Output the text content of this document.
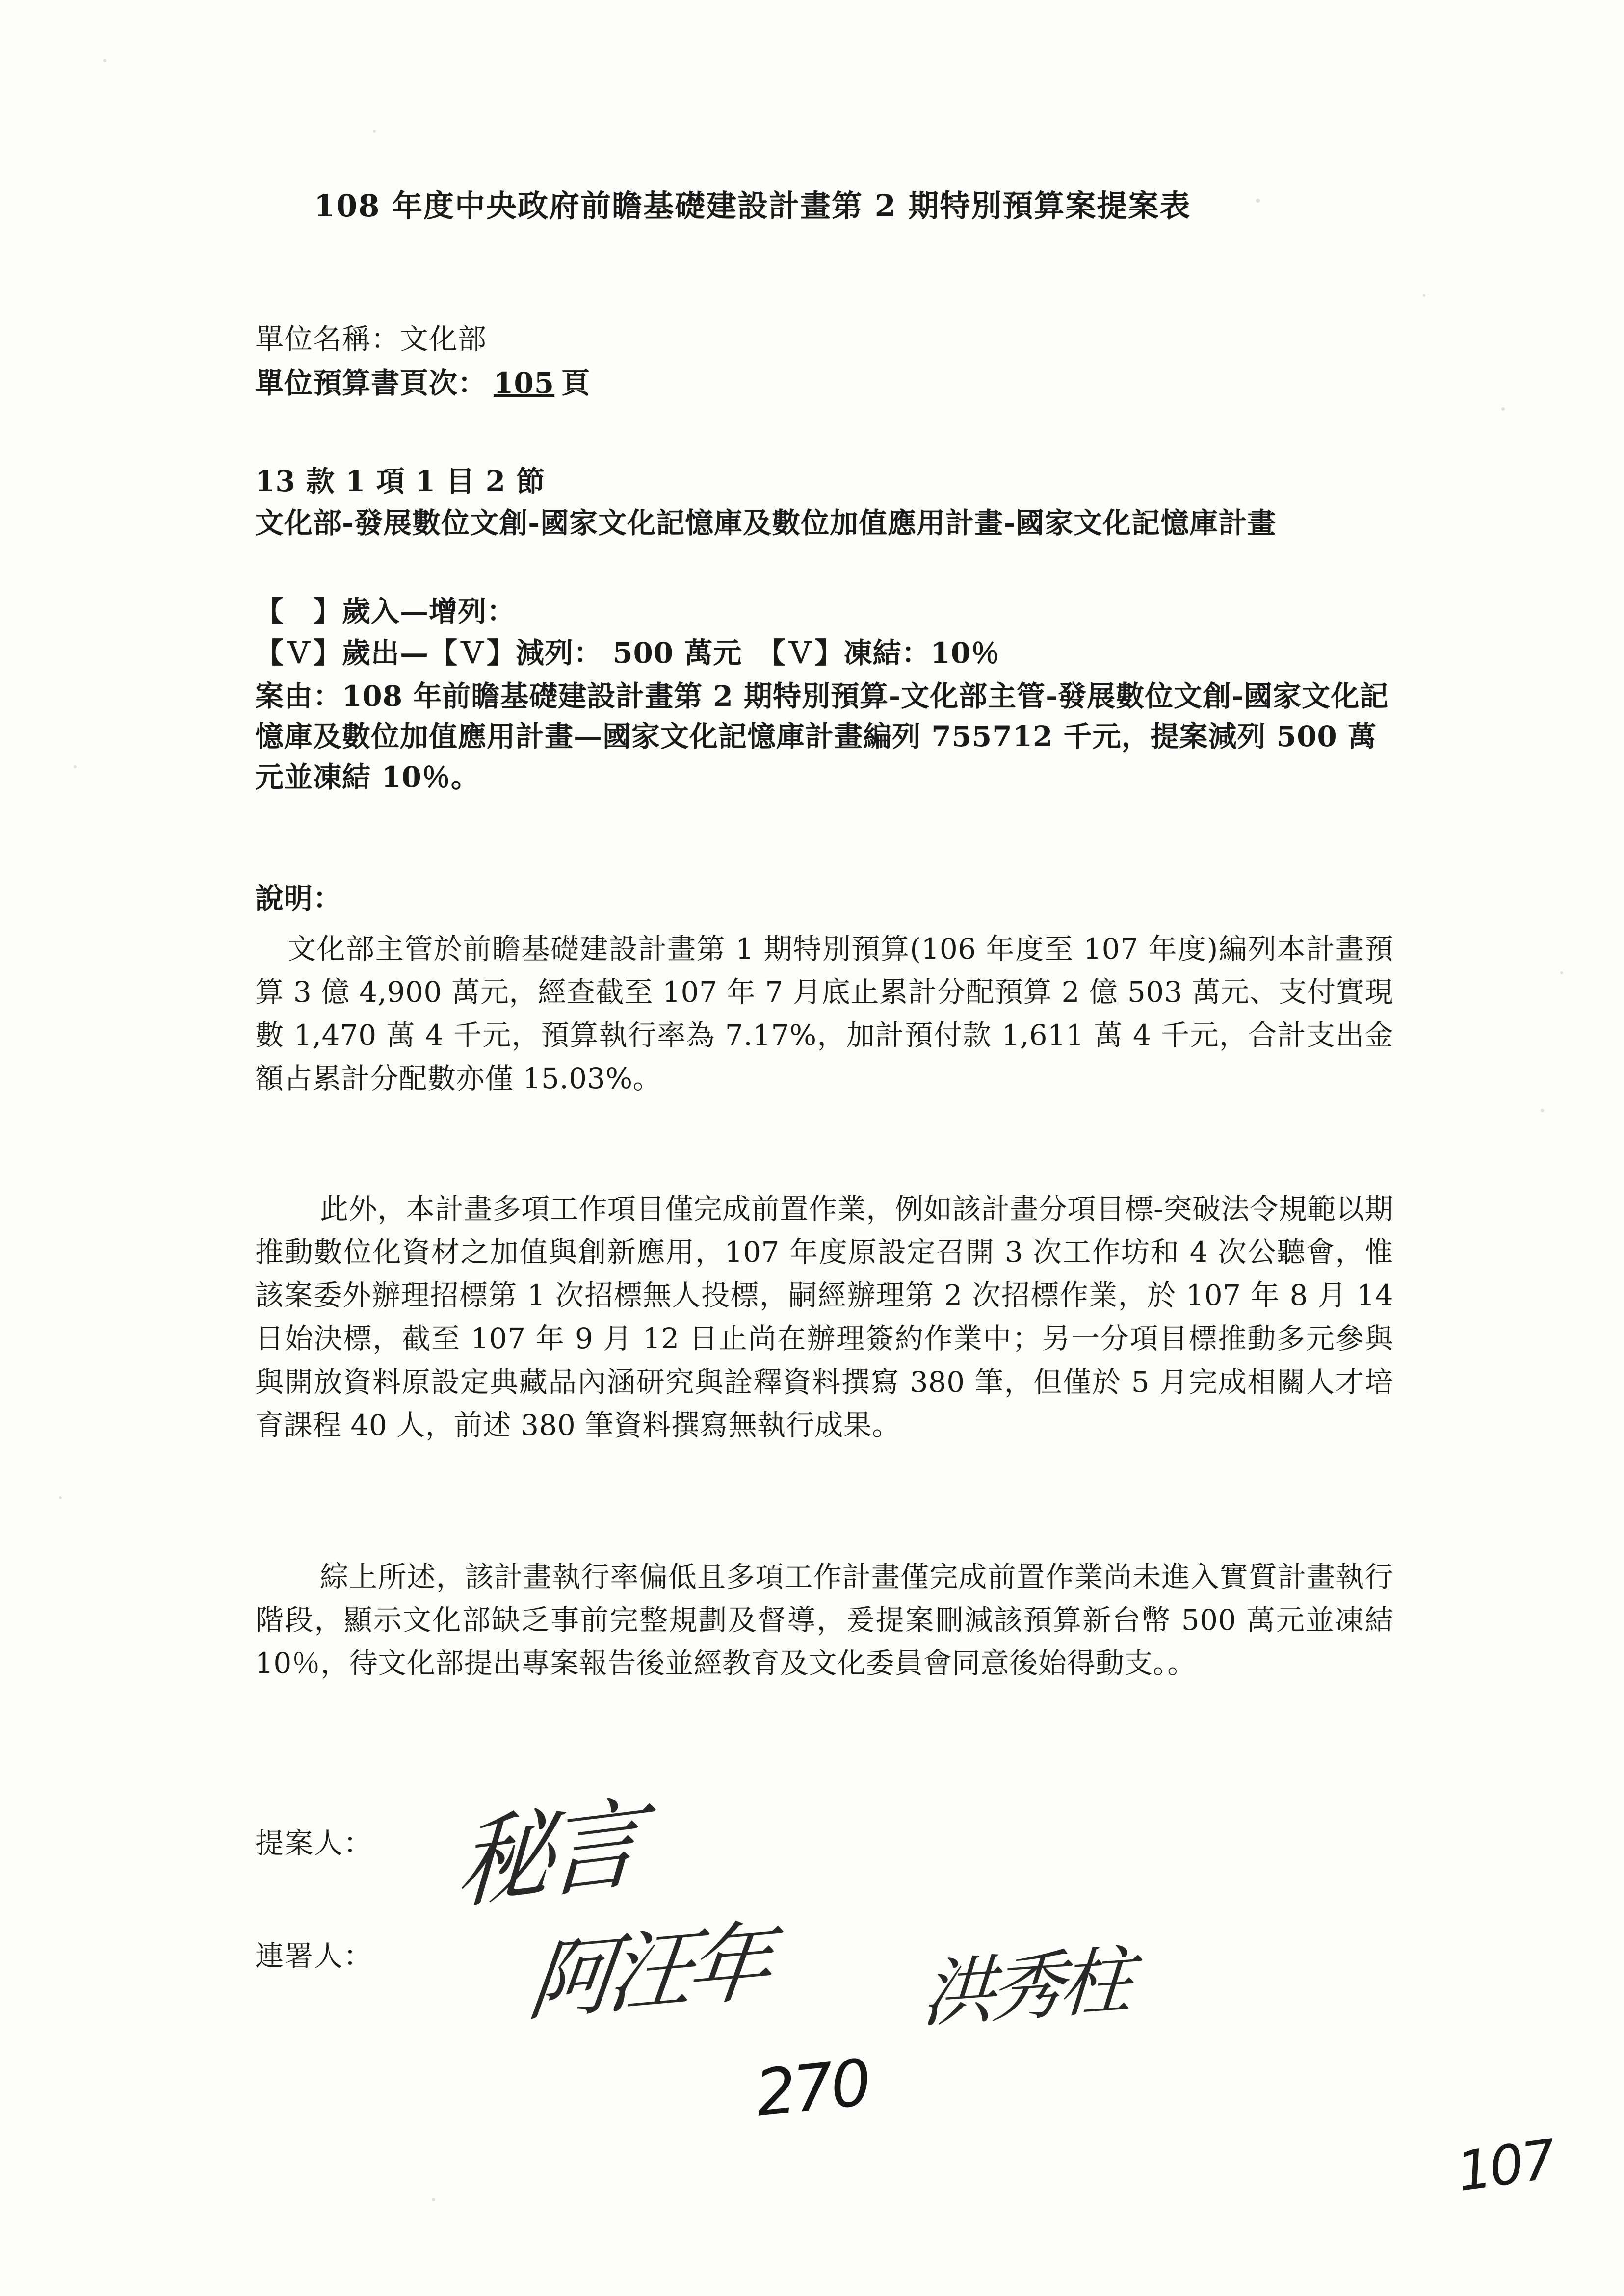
108 年度中央政府前瞻基礎建設計畫第 2 期特別預算案提案表
單位名稱：文化部
單位預算書頁次： 105 頁
13 款 1 項 1 目 2 節
文化部-發展數位文創-國家文化記憶庫及數位加值應用計畫-國家文化記憶庫計畫
【　】歲入—增列：
【Ｖ】歲出—【Ｖ】減列： 500 萬元　【Ｖ】凍結：10％
案由：108 年前瞻基礎建設計畫第 2 期特別預算-文化部主管-發展數位文創-國家文化記憶庫及數位加值應用計畫—國家文化記憶庫計畫編列 755712 千元，提案減列 500 萬元並凍結 10％。
說明：
文化部主管於前瞻基礎建設計畫第 1 期特別預算(106 年度至 107 年度)編列本計畫預算 3 億 4,900 萬元，經查截至 107 年 7 月底止累計分配預算 2 億 503 萬元、支付實現數 1,470 萬 4 千元，預算執行率為 7.17%，加計預付款 1,611 萬 4 千元，合計支出金額占累計分配數亦僅 15.03%。
此外，本計畫多項工作項目僅完成前置作業，例如該計畫分項目標-突破法令規範以期推動數位化資材之加值與創新應用，107 年度原設定召開 3 次工作坊和 4 次公聽會，惟該案委外辦理招標第 1 次招標無人投標，嗣經辦理第 2 次招標作業，於 107 年 8 月 14 日始決標，截至 107 年 9 月 12 日止尚在辦理簽約作業中；另一分項目標推動多元參與與開放資料原設定典藏品內涵研究與詮釋資料撰寫 380 筆，但僅於 5 月完成相關人才培育課程 40 人，前述 380 筆資料撰寫無執行成果。
綜上所述，該計畫執行率偏低且多項工作計畫僅完成前置作業尚未進入實質計畫執行階段，顯示文化部缺乏事前完整規劃及督導，爰提案刪減該預算新台幣 500 萬元並凍結 10％，待文化部提出專案報告後並經教育及文化委員會同意後始得動支。。
提案人：
連署人：
秘言
阿汪年 洪秀柱
270
107
